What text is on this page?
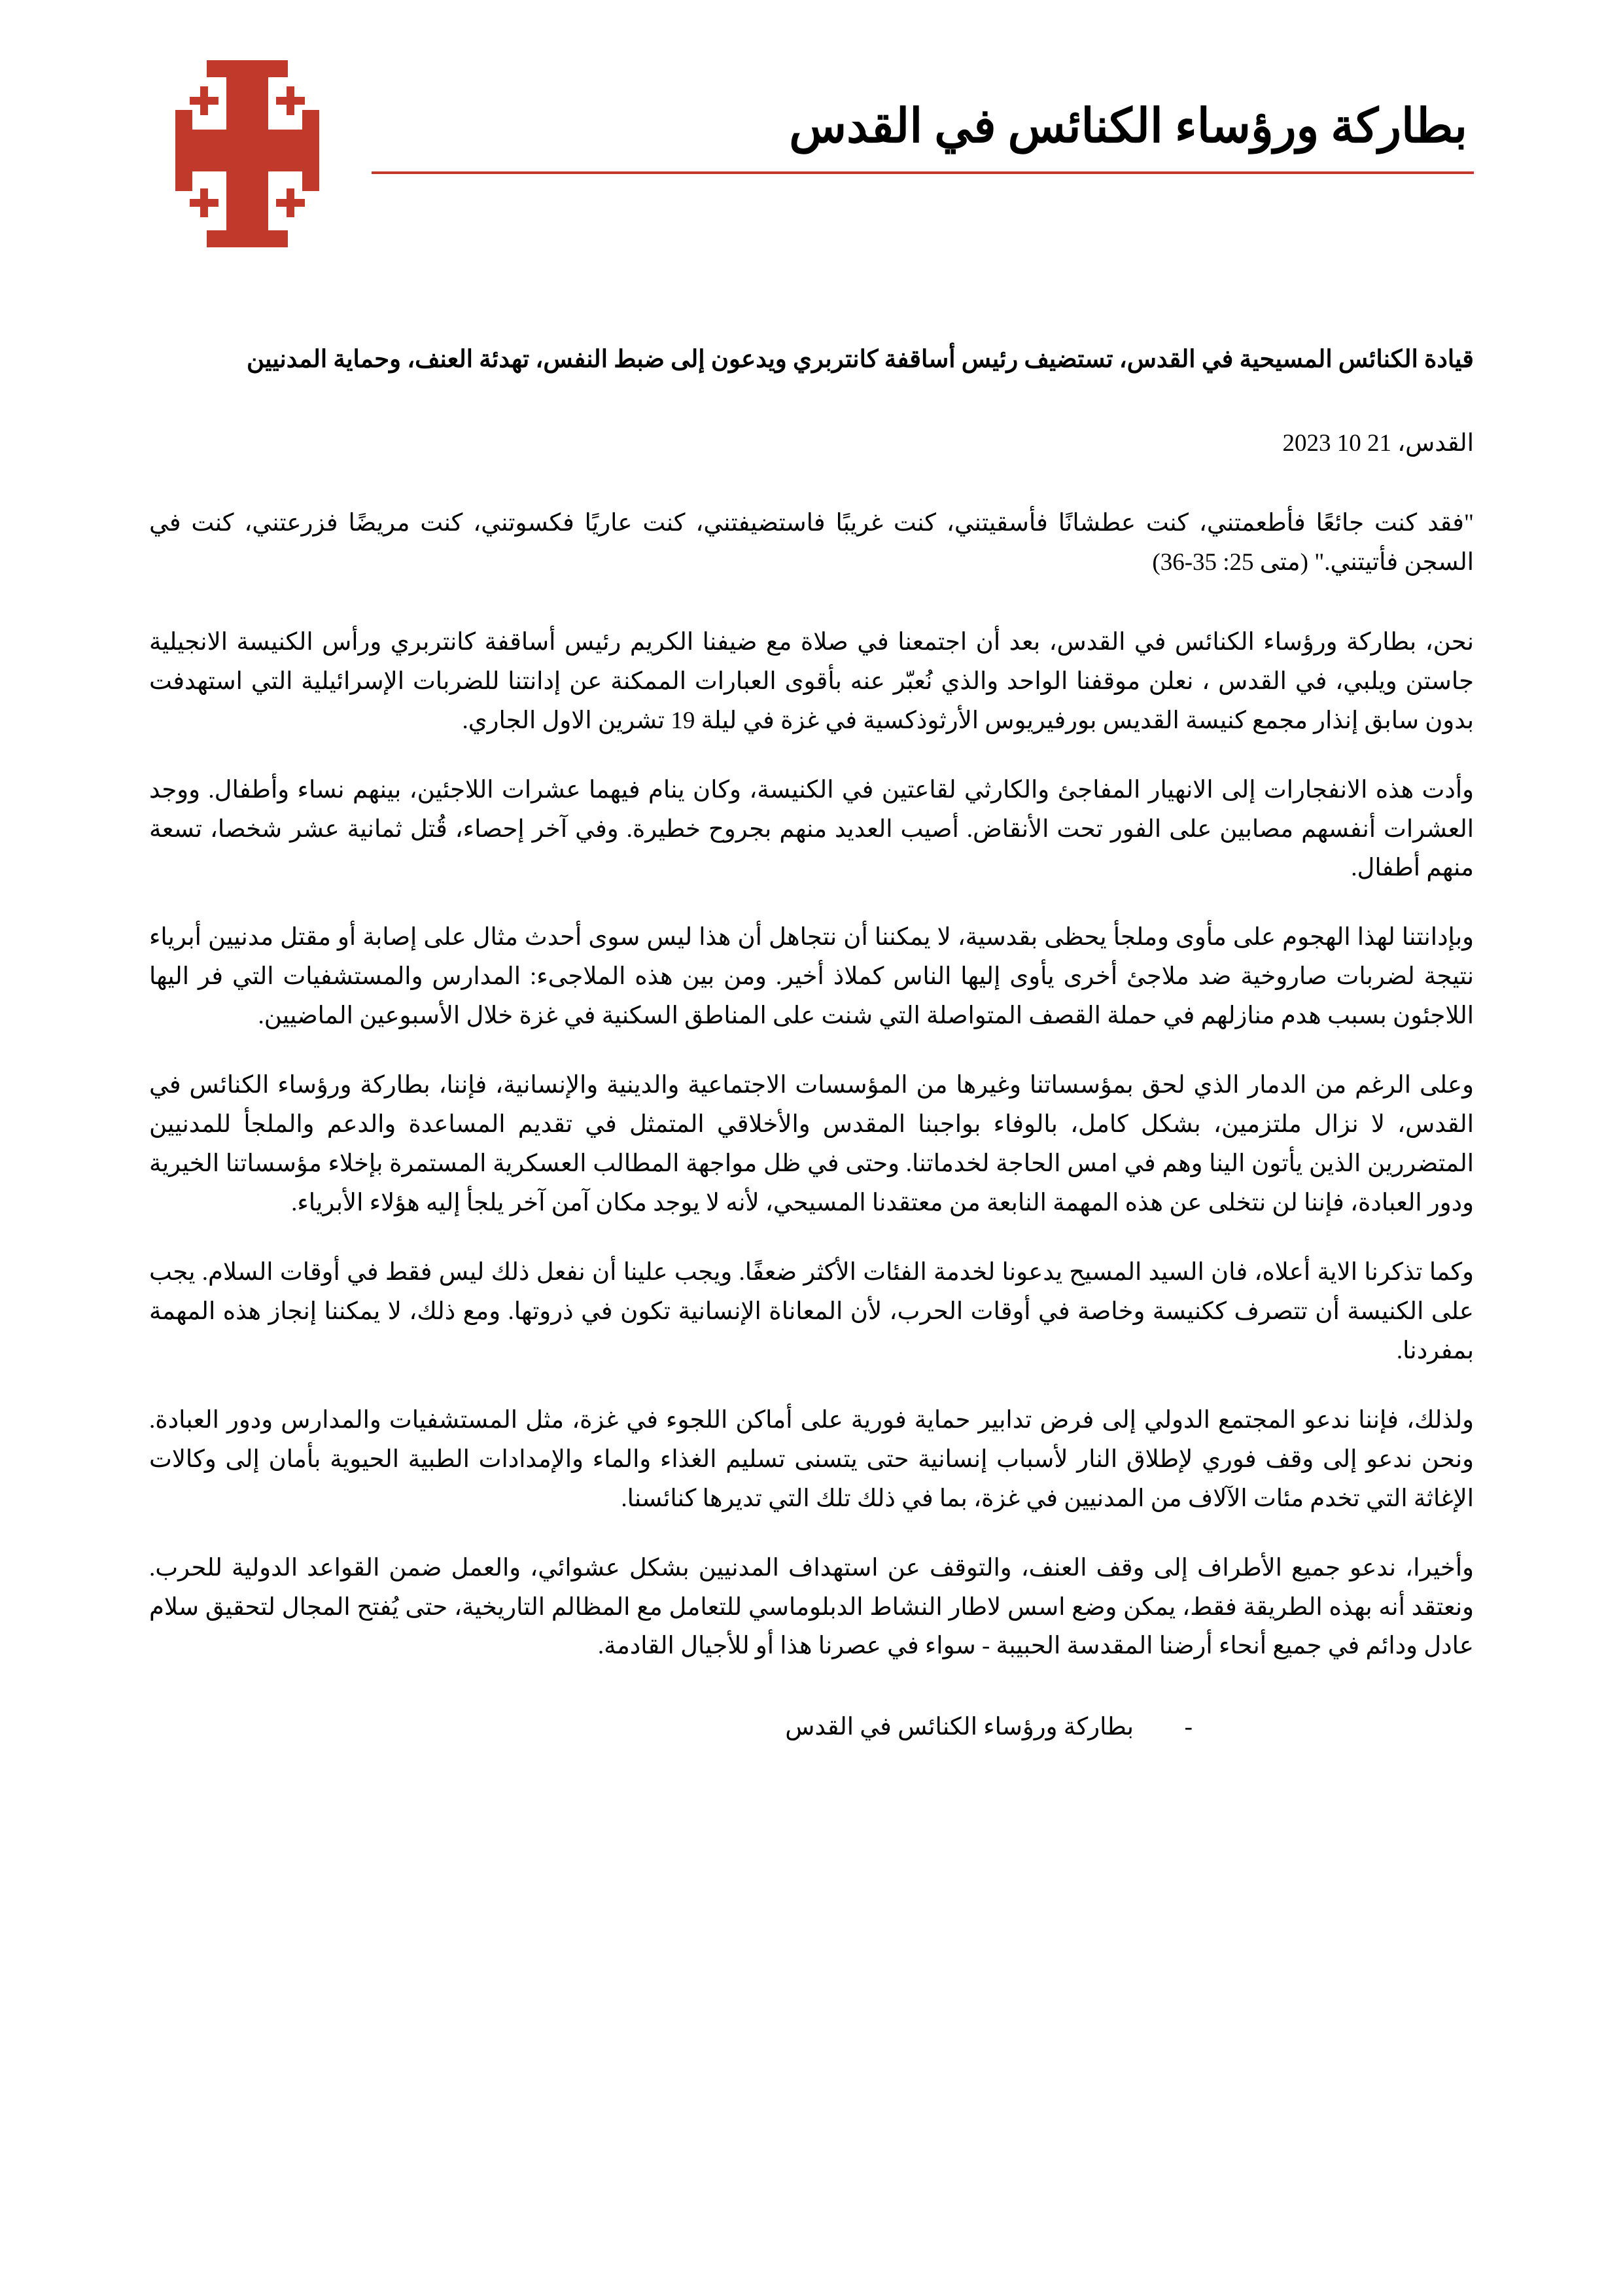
بطاركة ورؤساء الكنائس في القدس

قيادة الكنائس المسيحية في القدس، تستضيف رئيس أساقفة كانتربري ويدعون إلى ضبط النفس، تهدئة العنف، وحماية المدنيين

القدس، 21 10 2023

"فقد كنت جائعًا فأطعمتني، كنت عطشانًا فأسقيتني، كنت غريبًا فاستضيفتني، كنت عاريًا فكسوتني، كنت مريضًا فزرعتني، كنت في السجن فأتيتني." (متى 25: 35-36)

نحن، بطاركة ورؤساء الكنائس في القدس، بعد أن اجتمعنا في صلاة مع ضيفنا الكريم رئيس أساقفة كانتربري ورأس الكنيسة الانجيلية جاستن ويلبي، في القدس ، نعلن موقفنا الواحد والذي نُعبّر عنه بأقوى العبارات الممكنة عن إدانتنا للضربات الإسرائيلية التي استهدفت بدون سابق إنذار مجمع كنيسة القديس بورفيريوس الأرثوذكسية في غزة في ليلة 19 تشرين الاول الجاري.

وأدت هذه الانفجارات إلى الانهيار المفاجئ والكارثي لقاعتين في الكنيسة، وكان ينام فيهما عشرات اللاجئين، بينهم نساء وأطفال. ووجد العشرات أنفسهم مصابين على الفور تحت الأنقاض. أصيب العديد منهم بجروح خطيرة. وفي آخر إحصاء، قُتل ثمانية عشر شخصا، تسعة منهم أطفال.

وبإدانتنا لهذا الهجوم على مأوى وملجأ يحظى بقدسية، لا يمكننا أن نتجاهل أن هذا ليس سوى أحدث مثال على إصابة أو مقتل مدنيين أبرياء نتيجة لضربات صاروخية ضد ملاجئ أخرى يأوى إليها الناس كملاذ أخير. ومن بين هذه الملاجىء: المدارس والمستشفيات التي فر اليها اللاجئون بسبب هدم منازلهم في حملة القصف المتواصلة التي شنت على المناطق السكنية في غزة خلال الأسبوعين الماضيين.

وعلى الرغم من الدمار الذي لحق بمؤسساتنا وغيرها من المؤسسات الاجتماعية والدينية والإنسانية، فإننا، بطاركة ورؤساء الكنائس في القدس، لا نزال ملتزمين، بشكل كامل، بالوفاء بواجبنا المقدس والأخلاقي المتمثل في تقديم المساعدة والدعم والملجأ للمدنيين المتضررين الذين يأتون الينا وهم في امس الحاجة لخدماتنا. وحتى في ظل مواجهة المطالب العسكرية المستمرة بإخلاء مؤسساتنا الخيرية ودور العبادة، فإننا لن نتخلى عن هذه المهمة النابعة من معتقدنا المسيحي، لأنه لا يوجد مكان آمن آخر يلجأ إليه هؤلاء الأبرياء.

وكما تذكرنا الاية أعلاه، فان السيد المسيح يدعونا لخدمة الفئات الأكثر ضعفًا. ويجب علينا أن نفعل ذلك ليس فقط في أوقات السلام. يجب على الكنيسة أن تتصرف ككنيسة وخاصة في أوقات الحرب، لأن المعاناة الإنسانية تكون في ذروتها. ومع ذلك، لا يمكننا إنجاز هذه المهمة بمفردنا.

ولذلك، فإننا ندعو المجتمع الدولي إلى فرض تدابير حماية فورية على أماكن اللجوء في غزة، مثل المستشفيات والمدارس ودور العبادة. ونحن ندعو إلى وقف فوري لإطلاق النار لأسباب إنسانية حتى يتسنى تسليم الغذاء والماء والإمدادات الطبية الحيوية بأمان إلى وكالات الإغاثة التي تخدم مئات الآلاف من المدنيين في غزة، بما في ذلك تلك التي تديرها كنائسنا.

وأخيرا، ندعو جميع الأطراف إلى وقف العنف، والتوقف عن استهداف المدنيين بشكل عشوائي، والعمل ضمن القواعد الدولية للحرب. ونعتقد أنه بهذه الطريقة فقط، يمكن وضع اسس لاطار النشاط الدبلوماسي للتعامل مع المظالم التاريخية، حتى يُفتح المجال لتحقيق سلام عادل ودائم في جميع أنحاء أرضنا المقدسة الحبيبة - سواء في عصرنا هذا أو للأجيال القادمة.

-بطاركة ورؤساء الكنائس في القدس
